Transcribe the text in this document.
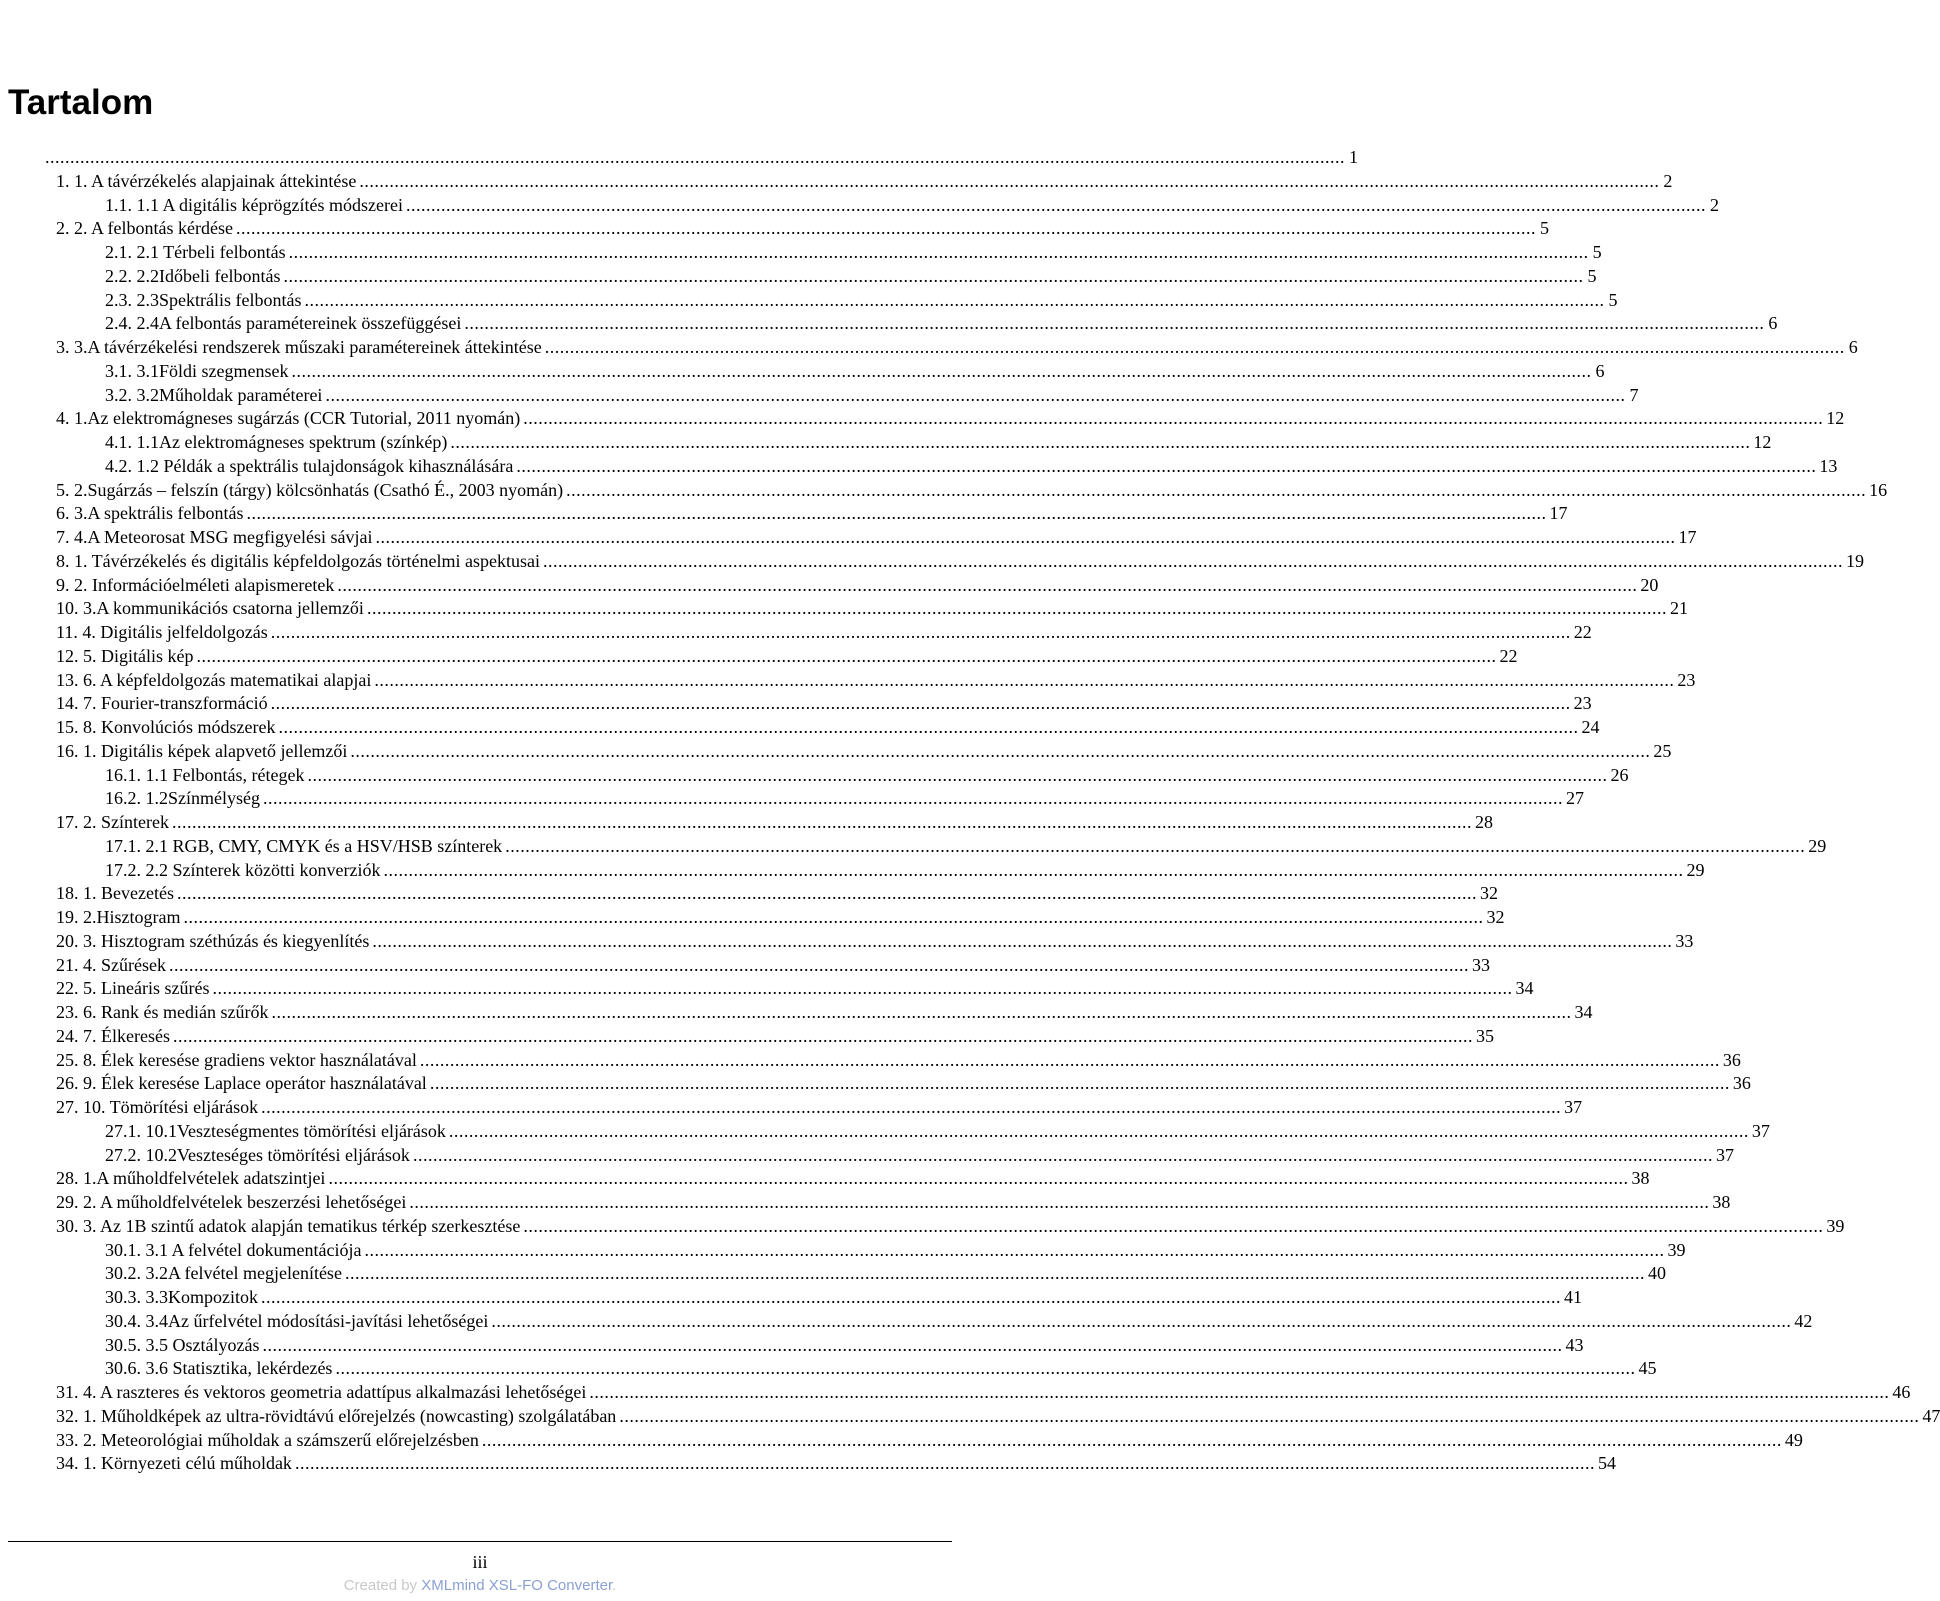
Tartalom
.................................................................................................................................................................................................................................................................... 1
1. 1. A távérzékelés alapjainak áttekintése .................................................................................................................................................................................................................................................................... 2
1.1. 1.1 A digitális képrögzítés módszerei .................................................................................................................................................................................................................................................................... 2
2. 2. A felbontás kérdése .................................................................................................................................................................................................................................................................... 5
2.1. 2.1 Térbeli felbontás .................................................................................................................................................................................................................................................................... 5
2.2. 2.2Időbeli felbontás .................................................................................................................................................................................................................................................................... 5
2.3. 2.3Spektrális felbontás .................................................................................................................................................................................................................................................................... 5
2.4. 2.4A felbontás paramétereinek összefüggései .................................................................................................................................................................................................................................................................... 6
3. 3.A távérzékelési rendszerek műszaki paramétereinek áttekintése .................................................................................................................................................................................................................................................................... 6
3.1. 3.1Földi szegmensek .................................................................................................................................................................................................................................................................... 6
3.2. 3.2Műholdak paraméterei .................................................................................................................................................................................................................................................................... 7
4. 1.Az elektromágneses sugárzás (CCR Tutorial, 2011 nyomán) .................................................................................................................................................................................................................................................................... 12
4.1. 1.1Az elektromágneses spektrum (színkép) .................................................................................................................................................................................................................................................................... 12
4.2. 1.2 Példák a spektrális tulajdonságok kihasználására .................................................................................................................................................................................................................................................................... 13
5. 2.Sugárzás – felszín (tárgy) kölcsönhatás (Csathó É., 2003 nyomán) .................................................................................................................................................................................................................................................................... 16
6. 3.A spektrális felbontás .................................................................................................................................................................................................................................................................... 17
7. 4.A Meteorosat MSG megfigyelési sávjai .................................................................................................................................................................................................................................................................... 17
8. 1. Távérzékelés és digitális képfeldolgozás történelmi aspektusai .................................................................................................................................................................................................................................................................... 19
9. 2. Információelméleti alapismeretek .................................................................................................................................................................................................................................................................... 20
10. 3.A kommunikációs csatorna jellemzői .................................................................................................................................................................................................................................................................... 21
11. 4. Digitális jelfeldolgozás .................................................................................................................................................................................................................................................................... 22
12. 5. Digitális kép .................................................................................................................................................................................................................................................................... 22
13. 6. A képfeldolgozás matematikai alapjai .................................................................................................................................................................................................................................................................... 23
14. 7. Fourier-transzformáció .................................................................................................................................................................................................................................................................... 23
15. 8. Konvolúciós módszerek .................................................................................................................................................................................................................................................................... 24
16. 1. Digitális képek alapvető jellemzői .................................................................................................................................................................................................................................................................... 25
16.1. 1.1 Felbontás, rétegek .................................................................................................................................................................................................................................................................... 26
16.2. 1.2Színmélység .................................................................................................................................................................................................................................................................... 27
17. 2. Színterek .................................................................................................................................................................................................................................................................... 28
17.1. 2.1 RGB, CMY, CMYK és a HSV/HSB színterek .................................................................................................................................................................................................................................................................... 29
17.2. 2.2 Színterek közötti konverziók .................................................................................................................................................................................................................................................................... 29
18. 1. Bevezetés .................................................................................................................................................................................................................................................................... 32
19. 2.Hisztogram .................................................................................................................................................................................................................................................................... 32
20. 3. Hisztogram széthúzás és kiegyenlítés .................................................................................................................................................................................................................................................................... 33
21. 4. Szűrések .................................................................................................................................................................................................................................................................... 33
22. 5. Lineáris szűrés .................................................................................................................................................................................................................................................................... 34
23. 6. Rank és medián szűrők .................................................................................................................................................................................................................................................................... 34
24. 7. Élkeresés .................................................................................................................................................................................................................................................................... 35
25. 8. Élek keresése gradiens vektor használatával .................................................................................................................................................................................................................................................................... 36
26. 9. Élek keresése Laplace operátor használatával .................................................................................................................................................................................................................................................................... 36
27. 10. Tömörítési eljárások .................................................................................................................................................................................................................................................................... 37
27.1. 10.1Veszteségmentes tömörítési eljárások .................................................................................................................................................................................................................................................................... 37
27.2. 10.2Veszteséges tömörítési eljárások .................................................................................................................................................................................................................................................................... 37
28. 1.A műholdfelvételek adatszintjei .................................................................................................................................................................................................................................................................... 38
29. 2. A műholdfelvételek beszerzési lehetőségei .................................................................................................................................................................................................................................................................... 38
30. 3. Az 1B szintű adatok alapján tematikus térkép szerkesztése .................................................................................................................................................................................................................................................................... 39
30.1. 3.1 A felvétel dokumentációja .................................................................................................................................................................................................................................................................... 39
30.2. 3.2A felvétel megjelenítése .................................................................................................................................................................................................................................................................... 40
30.3. 3.3Kompozitok .................................................................................................................................................................................................................................................................... 41
30.4. 3.4Az űrfelvétel módosítási-javítási lehetőségei .................................................................................................................................................................................................................................................................... 42
30.5. 3.5 Osztályozás .................................................................................................................................................................................................................................................................... 43
30.6. 3.6 Statisztika, lekérdezés .................................................................................................................................................................................................................................................................... 45
31. 4. A raszteres és vektoros geometria adattípus alkalmazási lehetőségei .................................................................................................................................................................................................................................................................... 46
32. 1. Műholdképek az ultra-rövidtávú előrejelzés (nowcasting) szolgálatában .................................................................................................................................................................................................................................................................... 47
33. 2. Meteorológiai műholdak a számszerű előrejelzésben .................................................................................................................................................................................................................................................................... 49
34. 1. Környezeti célú műholdak .................................................................................................................................................................................................................................................................... 54
iii
Created by XMLmind XSL-FO Converter.
